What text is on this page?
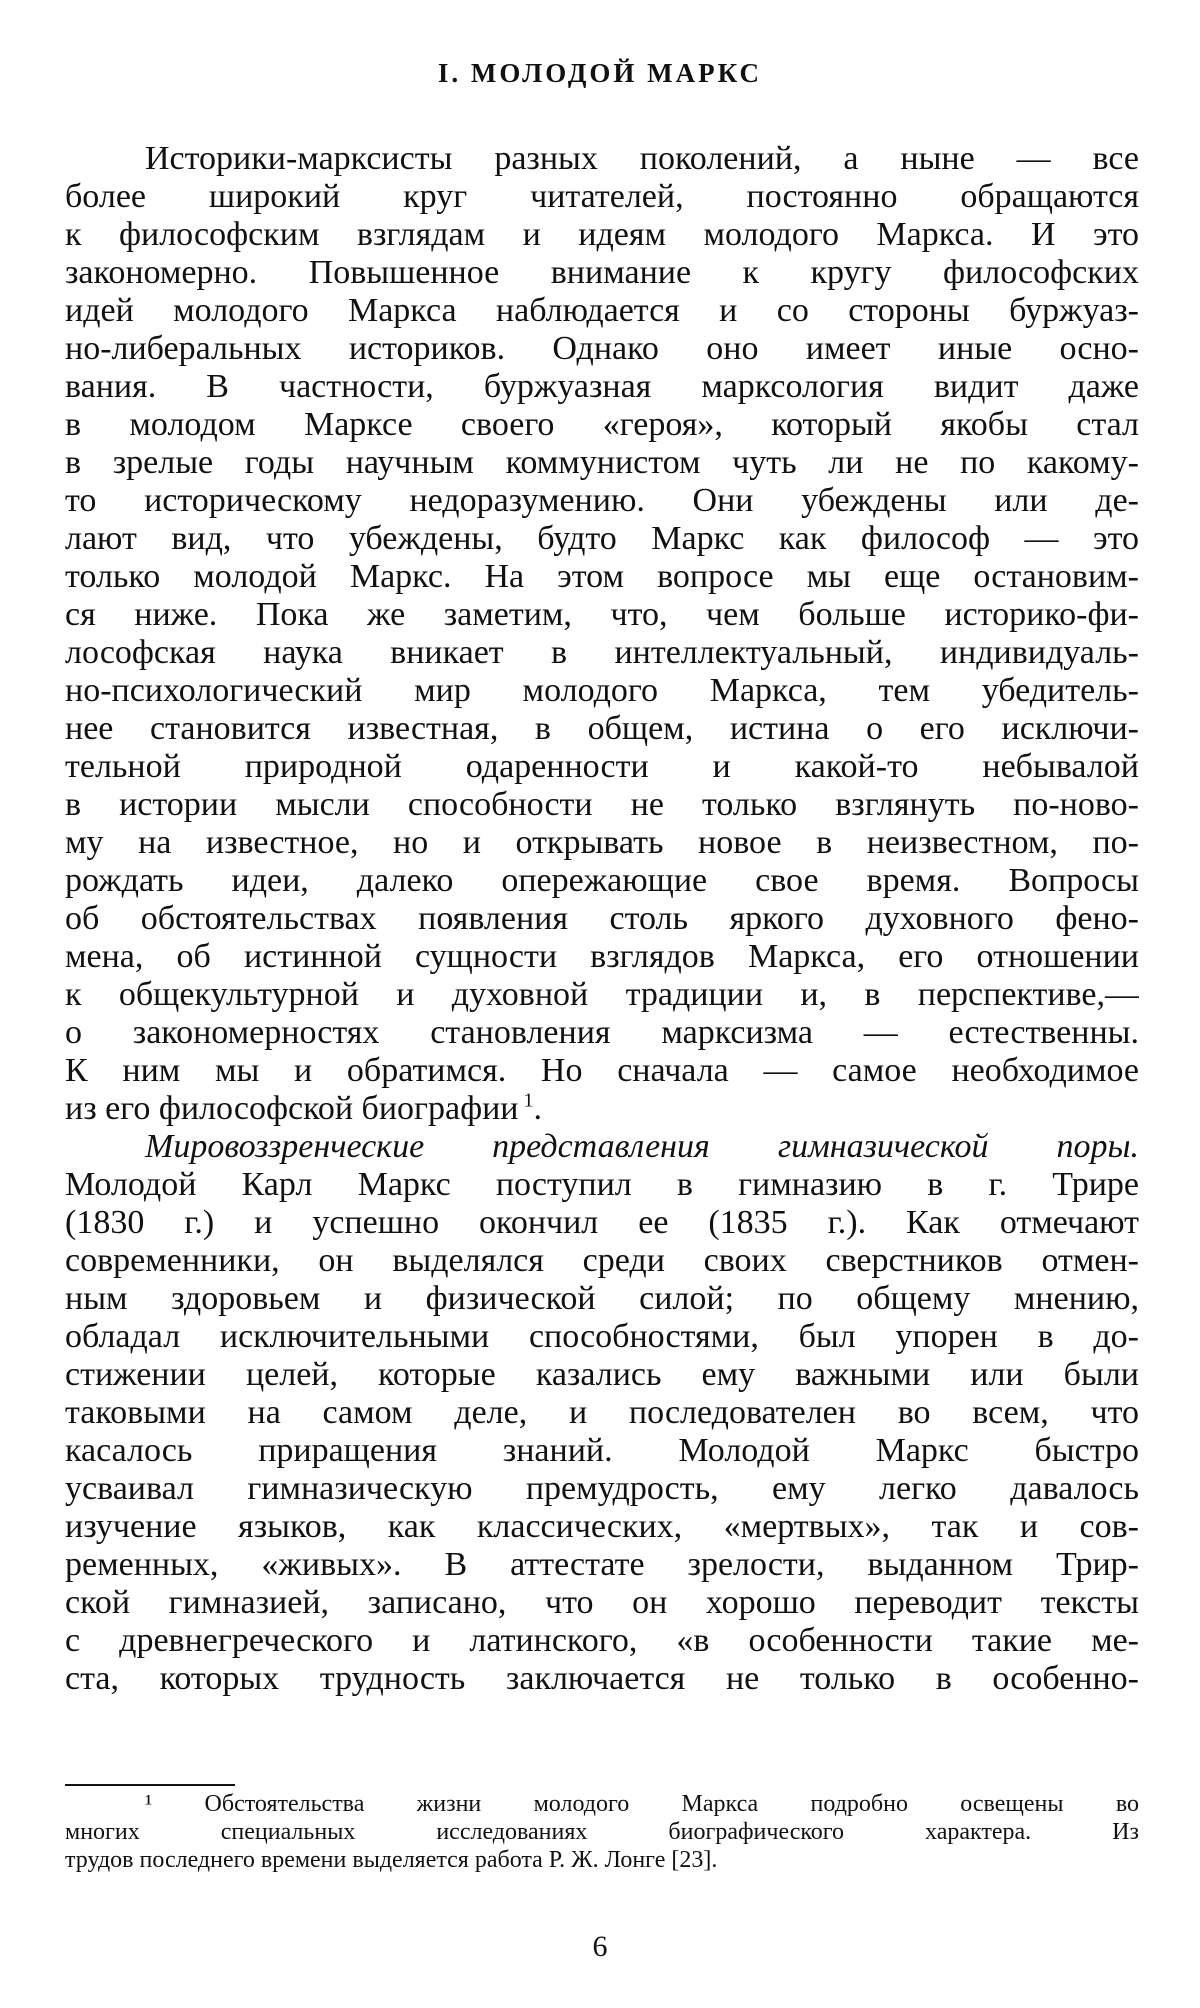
I. МОЛОДОЙ МАРКС
Историки-марксисты разных поколений, а ныне — все
более широкий круг читателей, постоянно обращаются
к философским взглядам и идеям молодого Маркса. И это
закономерно. Повышенное внимание к кругу философских
идей молодого Маркса наблюдается и со стороны буржуаз-
но-либеральных историков. Однако оно имеет иные осно-
вания. В частности, буржуазная марксология видит даже
в молодом Марксе своего «героя», который якобы стал
в зрелые годы научным коммунистом чуть ли не по какому-
то историческому недоразумению. Они убеждены или де-
лают вид, что убеждены, будто Маркс как философ — это
только молодой Маркс. На этом вопросе мы еще остановим-
ся ниже. Пока же заметим, что, чем больше историко-фи-
лософская наука вникает в интеллектуальный, индивидуаль-
но-психологический мир молодого Маркса, тем убедитель-
нее становится известная, в общем, истина о его исключи-
тельной природной одаренности и какой-то небывалой
в истории мысли способности не только взглянуть по-ново-
му на известное, но и открывать новое в неизвестном, по-
рождать идеи, далеко опережающие свое время. Вопросы
об обстоятельствах появления столь яркого духовного фено-
мена, об истинной сущности взглядов Маркса, его отношении
к общекультурной и духовной традиции и, в перспективе,—
о закономерностях становления марксизма — естественны.
К ним мы и обратимся. Но сначала — самое необходимое
из его философской биографии $^1$.
Мировоззренческие представления гимназической поры.
Молодой Карл Маркс поступил в гимназию в г. Трире
(1830 г.) и успешно окончил ее (1835 г.). Как отмечают
современники, он выделялся среди своих сверстников отмен-
ным здоровьем и физической силой; по общему мнению,
обладал исключительными способностями, был упорен в до-
стижении целей, которые казались ему важными или были
таковыми на самом деле, и последователен во всем, что
касалось приращения знаний. Молодой Маркс быстро
усваивал гимназическую премудрость, ему легко давалось
изучение языков, как классических, «мертвых», так и сов-
ременных, «живых». В аттестате зрелости, выданном Трир-
ской гимназией, записано, что он хорошо переводит тексты
с древнегреческого и латинского, «в особенности такие ме-
ста, которых трудность заключается не только в особенно-
¹ Обстоятельства жизни молодого Маркса подробно освещены во
многих специальных исследованиях биографического характера. Из
трудов последнего времени выделяется работа Р. Ж. Лонге [23].
6
